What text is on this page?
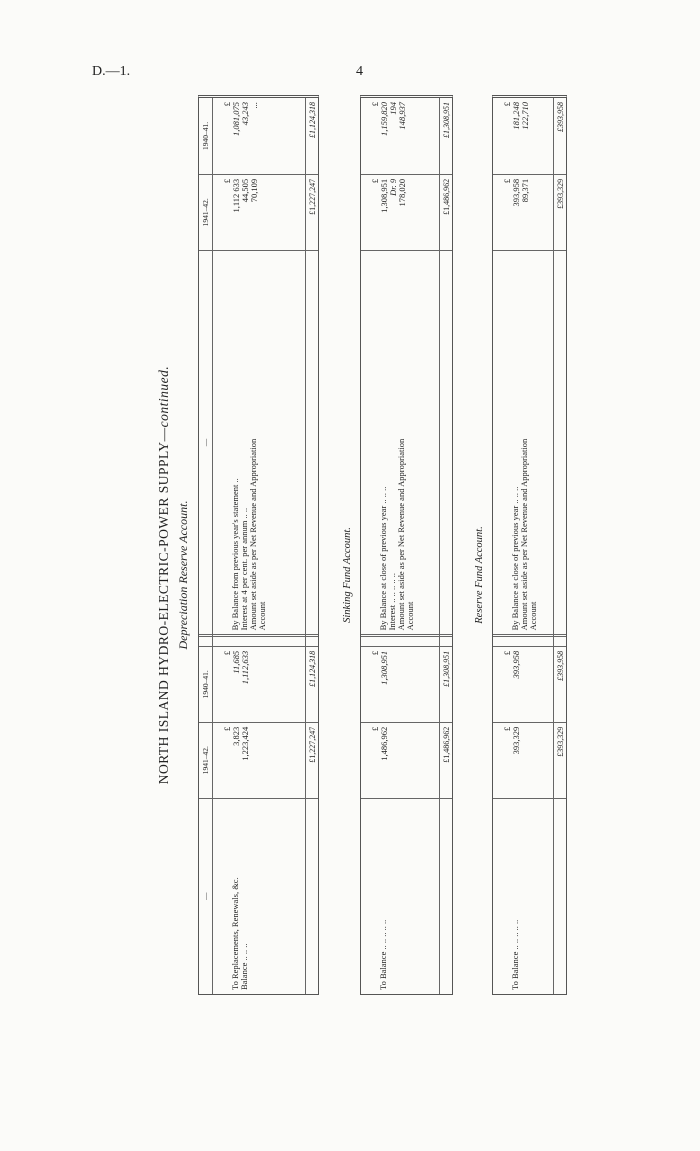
D.—1.	4
NORTH ISLAND HYDRO-ELECTRIC-POWER SUPPLY—continued.
Depreciation Reserve Account.
—
1941–42.
1940–41.
—
1941–42.
1940–41.
To Replacements, Renewals, &c. Balance .. .. ..
£ 3,823 1,223,424
£ 11,685 1,112,633
By Balance from previous year's statement .. Interest at 4 per cent. per annum .. .. Amount set aside as per Net Revenue and Appropriation Account
£ 1,112 633 44,505 70,109
£ 1,081,075 43,243 ...
£1,227,247
£1,124,318
£1,227,247
£1,124,318
Sinking Fund Account.
To Balance .. .. .. .. ..
£ 1,486,962
£ 1,308,951
By Balance at close of previous year .. .. .. Interest .. .. .. .. .. Amount set aside as per Net Revenue and Appropriation Account
£ 1,308,951 Dr. 9 178,020
£ 1,159,820 194 148,937
£1,486,962
£1,308,951
£1,486,962
£1,308,951
Reserve Fund Account.
To Balance .. .. .. .. ..
£ 393,329
£ 393,958
By Balance at close of previous year .. .. .. Amount set aside as per Net Revenue and Appropriation Account
£ 393,958 89,371
£ 181,248 122,710
£393,329
£393,958
£393,329
£393,958
